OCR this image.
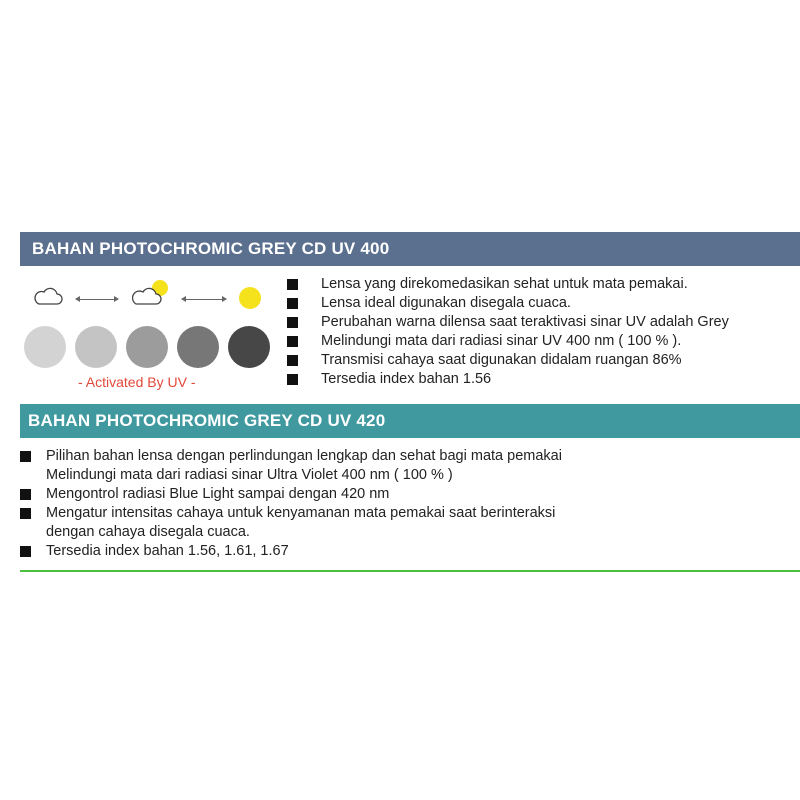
BAHAN PHOTOCHROMIC GREY CD UV 400
- Activated By UV -
Lensa yang direkomedasikan sehat untuk mata pemakai.
Lensa ideal digunakan disegala cuaca.
Perubahan warna dilensa saat teraktivasi sinar UV adalah Grey
Melindungi mata dari radiasi sinar UV 400 nm ( 100 % ).
Transmisi cahaya saat digunakan didalam ruangan 86%
Tersedia index bahan 1.56
BAHAN PHOTOCHROMIC GREY CD UV 420
Pilihan bahan lensa dengan perlindungan lengkap dan sehat bagi mata pemakai
Melindungi mata dari radiasi sinar Ultra Violet 400 nm ( 100 % )
Mengontrol radiasi Blue Light sampai dengan 420 nm
Mengatur intensitas cahaya untuk kenyamanan mata pemakai saat berinteraksi
dengan cahaya disegala cuaca.
Tersedia index bahan 1.56, 1.61, 1.67
